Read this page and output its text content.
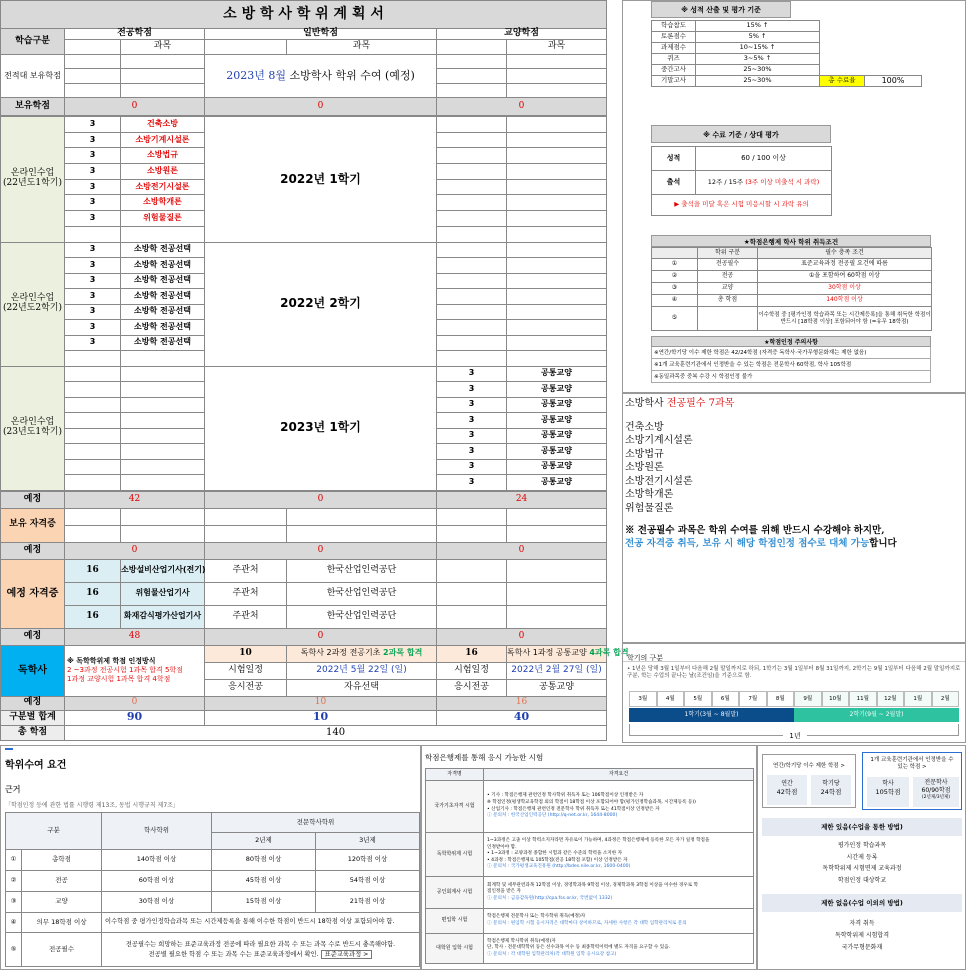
소 방 학 사 학 위 계 획 서						
학습구분	전공학점		일반학점		교양학점	
		과목		과목		과목
전적대 보유학점			2023년 8월 소방학사 학위 수여 (예정)			

보유학점	0		0		0	
온라인수업
(22년도1학기)	3	건축소방	2022년 1학기		
	3	소방기계시설론			
	3	소방법규			
	3	소방원론			
	3	소방전기시설론			
	3	소방학개론			
	3	위험물질론			

온라인수업
(22년도2학기)	3	소방학 전공선택	2022년 2학기		
	3	소방학 전공선택			
	3	소방학 전공선택			
	3	소방학 전공선택			
	3	소방학 전공선택			
	3	소방학 전공선택			
	3	소방학 전공선택			

온라인수업
(23년도1학기)			2023년 1학기	3	공통교양
				3	공통교양
				3	공통교양
				3	공통교양
				3	공통교양
				3	공통교양
				3	공통교양
				3	공통교양
예정	42		0		24	
보유 자격증						

예정	0		0		0	
예정 자격증	16	소방설비산업기사(전기)	주관처	한국산업인력공단		
	16	위험물산업기사	주관처	한국산업인력공단		
	16	화재감식평가산업기사	주관처	한국산업인력공단		
예정	48		0		0	
독학사	※ 독학학위제 학점 인정방식
2 ~3과정 전공시험 1과목 합격 5학점
1과정 교양시험 1과목 합격 4학점		10	독학사 2과정 전공기초 2과목 합격	16	독학사 1과정 공통교양 4과목 합격
			시험일정	2022년 5월 22일 (일)	시험일정	2022년 2월 27일 (일)
			응시전공	자유선택	응시전공	공통교양
예정	0		10		16	
구분별 합계	90		10		40	
총 학점	140					
※ 성적 산출 및 평가 기준
학습참도	15% ↑		
토론점수	5% ↑		
과제점수	10~15% ↑		
퀴즈	3~5% ↑		
중간고사	25~30%		
기말고사	25~30%	총 수료율	100%
※ 수료 기준 / 상대 평가
성적	60 / 100 이상
출석	12주 / 15주 (3주 이상 미출석 시 과락)
▶ 출석을 미달 혹은 시험 미응시할 시 과락 유의	
★학점은행제 학사 학위 취득조건
	학위 구분	필수 충족 조건
①	전공필수	표준교육과정 전공필 요건에 따름
②	전공	①을 포함하여 60학점 이상
③	교양	30학점 이상
④	총 학점	140학점 이상
⑤		이수학점 중 [평가인정 학습과목 또는 시간제등록]을 통해 취득한 학점이 반드시 [18학점 이상] 포함되어야 함 (=유무 18학점)
★학점인정 주의사항
※연간/학기당 이수 제한 학점은 42/24학점 (자격증 독학사·국가무형문화재는 제한 없음)
※1개 교육훈련기관에서 인정받을 수 있는 학점은 전문학사 60학점, 학사 105학점
※동일과목중 중복 수강 시 학점인정 불가
소방학사 전공필수 7과목
건축소방
소방기계시설론
소방법규
소방원론
소방전기시설론
소방학개론
위험물질론
※ 전공필수 과목은 학위 수여를 위해 반드시 수강해야 하지만,
전공 자격증 취득, 보유 시 해당 학점인정 점수로 대체 가능합니다
학기의 구분
• 1년은 당해 3월 1일부터 다음해 2월 말일까지로 하되, 1학기는 3월 1일부터 8월 31일까지, 2학기는 9월 1일부터 다음해 2월 말일까지로 구분, 학는 수업의 끝나는 날(조건임)을 기준으로 함.
3월	4월	5월	6월	7월	8월	9월	10월	11월	12월	1월	2월
1학기(3월 ~ 8월말)	2학기(9월 ~ 2월말)
1년
학위수여 요건
근거
「학점인정 등에 관한 법률 시행령 제13조, 동법 시행규칙 제7조」
구분		학사학위	전문학사학위	
			2년제	3년제
①	총학점	140학점 이상	80학점 이상	120학점 이상
②	전공	60학점 이상	45학점 이상	54학점 이상
③	교양	30학점 이상	15학점 이상	21학점 이상
④	의무 18학점 이상	이수학점 중 평가인정학습과목 또는 시간제등록을 통해 이수한 학점이 반드시 18학점 이상 포함되어야 함.		
⑤	전공필수	전공필수는 희망하는 표준교육과정 전공에 따라 필요한 과목 수 또는 과목 수로 반드시 충족해야함.
전공별 필요한 학점 수 또는 과목 수는 표준교육과정에서 확인. 표준교육과정 >		
학점은행제를 통해 응시 가능한 시험
자격명	자격요건
국가기초자격 시험	• 기사 : 학점은행제 관련인정 학사학위 취득자 또는 106학점이상 인정받은 자
※ 학점인정(평생학교육학점 외의 학점이 18학점 이상 포함되어야 함(평가인정학습과목, 시간제등록 등))
• 산업기사 : 학점은행제 관련인정 전문학사 학위 취득자 또는 41학점이상 인정받은 자
ⓘ 문의처 : 한국산업인력공단 (http://q-net.or.kr, 1644-8000)

독학학위제 시험	1~3과정은 고졸 이상 학력소지자라면 자유로이 가능하며, 4과정은 학점은행제에 등록한 모든 자가 일정 학점을
인정받아야 함.
• 1~3과정 : 교양과정 종합한 시험과 같은 수준의 학력을 소지한 자
• 4과정 : 학점은행제로 105학점(전공 18학점 포함) 이상 인정받은 자
ⓘ 문의처 : 국가평생교육진흥원 (http://bdes.nile.or.kr, 1600-0400)

공인회계사 시험	회계학 및 세무관련과목 12학점 이상, 경영학과목 9학점 이상, 경제학과목 3학점 이상을 이수한 경우로 학
점인정을 받은 자
ⓘ 문의처 : 금융감독원(http://cpa.fss.or.kr, 국번없이 1332)

편입학 시험	학점은행제 전문학사 또는 학사학위 취득(예정)자
ⓘ 문의처 : 편입학 시험 응시자격은 대학마다 상이하므로, 자세한 사항은 각 대학 입학관리처로 문의

대학원 입학 시험	학점은행제 학사학위 취득(예정)자
단, 학사 · 전문대학학위 등은 선수과목 이수 등 최종학력이력에 별도 자격을 요구할 수 있음.
ⓘ 문의처 : 각 대학원 입학관리처(각 대학원 입학 응시요강 참고)
연간/학기당 이수 제한 학점 >
연간
42학점
학기당
24학점
1개 교육훈련기관에서 인정받을 수 있는 학점 >
학사
105학점
전문학사
60/90학점
(2년제/3년제)
제한 있음(수업을 통한 방법)
평가인정 학습과목
시간제 등록
독학학위제 시험면제 교육과정
학점인정 대상학교
제한 없음(수업 이외의 방법)
자격 취득
독학학위제 시험합격
국가무형문화재
